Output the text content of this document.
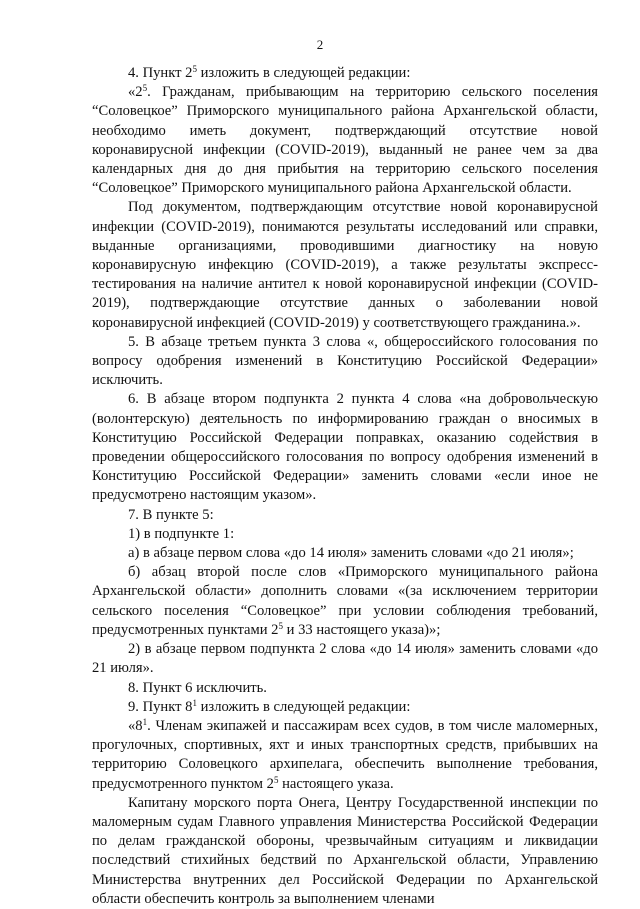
2

4. Пункт $2^5$ изложить в следующей редакции:

«$2^5$. Гражданам, прибывающим на территорию сельского поселения “Соловецкое” Приморского муниципального района Архангельской области, необходимо иметь документ, подтверждающий отсутствие новой коронавирусной инфекции (COVID-2019), выданный не ранее чем за два календарных дня до дня прибытия на территорию сельского поселения “Соловецкое” Приморского муниципального района Архангельской области.

Под документом, подтверждающим отсутствие новой коронавирусной инфекции (COVID-2019), понимаются результаты исследований или справки, выданные организациями, проводившими диагностику на новую коронавирусную инфекцию (COVID-2019), а также результаты экспресс-тестирования на наличие антител к новой коронавирусной инфекции (COVID-2019), подтверждающие отсутствие данных о заболевании новой коронавирусной инфекцией (COVID-2019) у соответствующего гражданина.».

5. В абзаце третьем пункта 3 слова «, общероссийского голосования по вопросу одобрения изменений в Конституцию Российской Федерации» исключить.

6. В абзаце втором подпункта 2 пункта 4 слова «на добровольческую (волонтерскую) деятельность по информированию граждан о вносимых в Конституцию Российской Федерации поправках, оказанию содействия в проведении общероссийского голосования по вопросу одобрения изменений в Конституцию Российской Федерации» заменить словами «если иное не предусмотрено настоящим указом».

7. В пункте 5:

1) в подпункте 1:

а) в абзаце первом слова «до 14 июля» заменить словами «до 21 июля»;

б) абзац второй после слов «Приморского муниципального района Архангельской области» дополнить словами «(за исключением территории сельского поселения “Соловецкое” при условии соблюдения требований, предусмотренных пунктами $2^5$ и 33 настоящего указа)»;

2) в абзаце первом подпункта 2 слова «до 14 июля» заменить словами «до 21 июля».

8. Пункт 6 исключить.

9. Пункт $8^1$ изложить в следующей редакции:

«$8^1$. Членам экипажей и пассажирам всех судов, в том числе маломерных, прогулочных, спортивных, яхт и иных транспортных средств, прибывших на территорию Соловецкого архипелага, обеспечить выполнение требования, предусмотренного пунктом $2^5$ настоящего указа.

Капитану морского порта Онега, Центру Государственной инспекции по маломерным судам Главного управления Министерства Российской Федерации по делам гражданской обороны, чрезвычайным ситуациям и ликвидации последствий стихийных бедствий по Архангельской области, Управлению Министерства внутренних дел Российской Федерации по Архангельской области обеспечить контроль за выполнением членами
